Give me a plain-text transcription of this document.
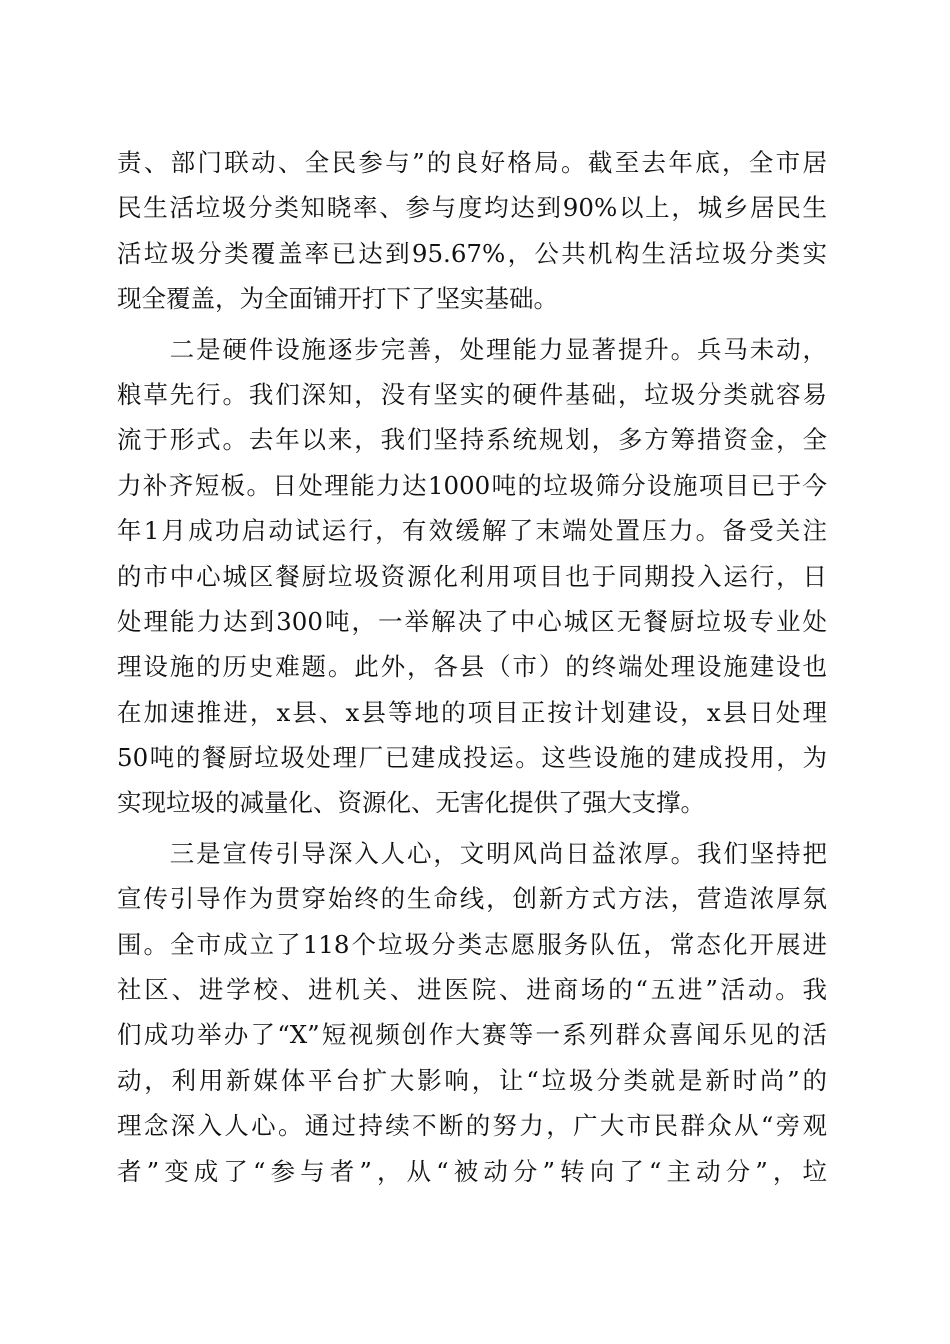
责、部门联动、全民参与”的良好格局。截至去年底，全市居
民生活垃圾分类知晓率、参与度均达到90%以上，城乡居民生
活垃圾分类覆盖率已达到95.67%，公共机构生活垃圾分类实
现全覆盖，为全面铺开打下了坚实基础。
　　二是硬件设施逐步完善，处理能力显著提升。兵马未动，
粮草先行。我们深知，没有坚实的硬件基础，垃圾分类就容易
流于形式。去年以来，我们坚持系统规划，多方筹措资金，全
力补齐短板。日处理能力达1000吨的垃圾筛分设施项目已于今
年1月成功启动试运行，有效缓解了末端处置压力。备受关注
的市中心城区餐厨垃圾资源化利用项目也于同期投入运行，日
处理能力达到300吨，一举解决了中心城区无餐厨垃圾专业处
理设施的历史难题。此外，各县（市）的终端处理设施建设也
在加速推进，x县、x县等地的项目正按计划建设，x县日处理
50吨的餐厨垃圾处理厂已建成投运。这些设施的建成投用，为
实现垃圾的减量化、资源化、无害化提供了强大支撑。
　　三是宣传引导深入人心，文明风尚日益浓厚。我们坚持把
宣传引导作为贯穿始终的生命线，创新方式方法，营造浓厚氛
围。全市成立了118个垃圾分类志愿服务队伍，常态化开展进
社区、进学校、进机关、进医院、进商场的“五进”活动。我
们成功举办了“X”短视频创作大赛等一系列群众喜闻乐见的活
动，利用新媒体平台扩大影响，让“垃圾分类就是新时尚”的
理念深入人心。通过持续不断的努力，广大市民群众从“旁观
者”变成了“参与者”，从“被动分”转向了“主动分”，垃
